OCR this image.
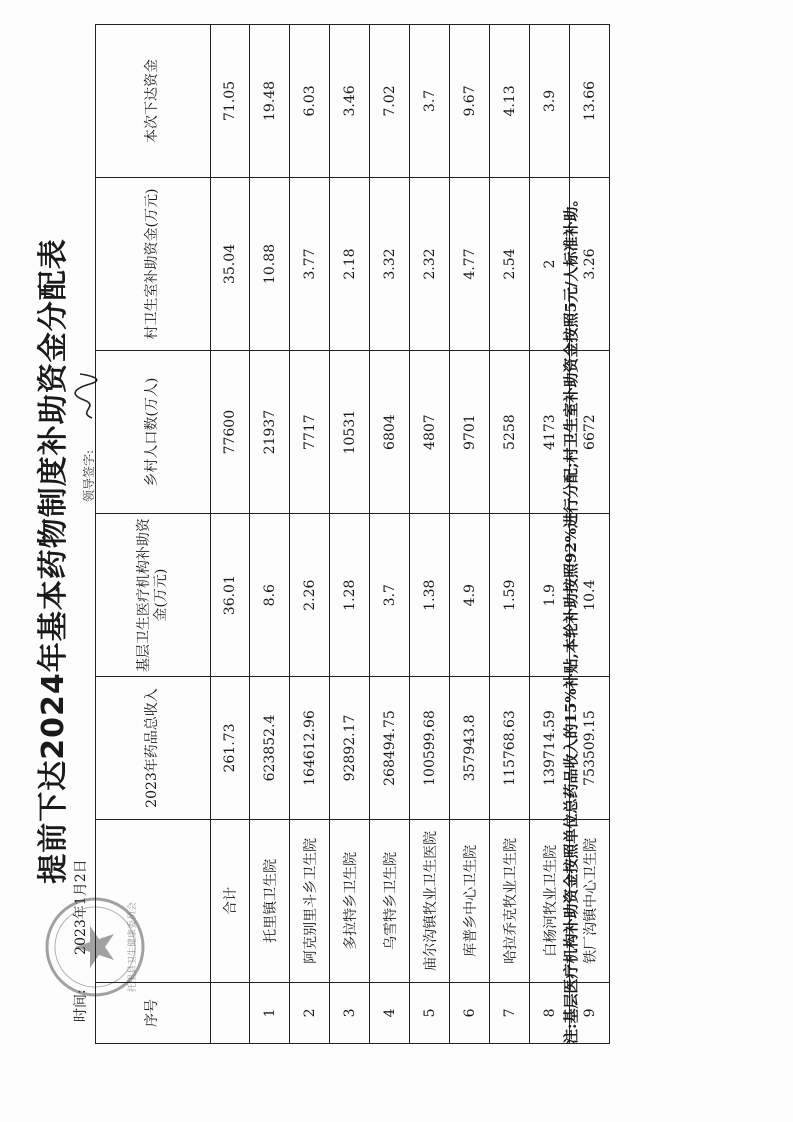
提前下达2024年基本药物制度补助资金分配表
时间: 2023年1月2日
领导签字:
托里县卫生健康委员会
序号		2023年药品总收入	基层卫生医疗机构补助资金(万元)	乡村人口数(万人)	村卫生室补助资金(万元)	本次下达资金
	合计	261.73	36.01	77600	35.04	71.05
1	托里镇卫生院	623852.4	8.6	21937	10.88	19.48
2	阿克别里斗乡卫生院	164612.96	2.26	7717	3.77	6.03
3	多拉特乡卫生院	92892.17	1.28	10531	2.18	3.46
4	乌雪特乡卫生院	268494.75	3.7	6804	3.32	7.02
5	庙尔沟镇牧业卫生医院	100599.68	1.38	4807	2.32	3.7
6	库普乡中心卫生院	357943.8	4.9	9701	4.77	9.67
7	哈拉乔克牧业卫生院	115768.63	1.59	5258	2.54	4.13
8	白杨河牧业卫生院	139714.59	1.9	4173	2	3.9
9	铁厂沟镇中心卫生院	753509.15	10.4	6672	3.26	13.66
注:基层医疗机构补助资金按照单位总药品收入的15%补贴,本轮补助按照92%进行分配;村卫生室补助资金按照5元/人标准补助。
